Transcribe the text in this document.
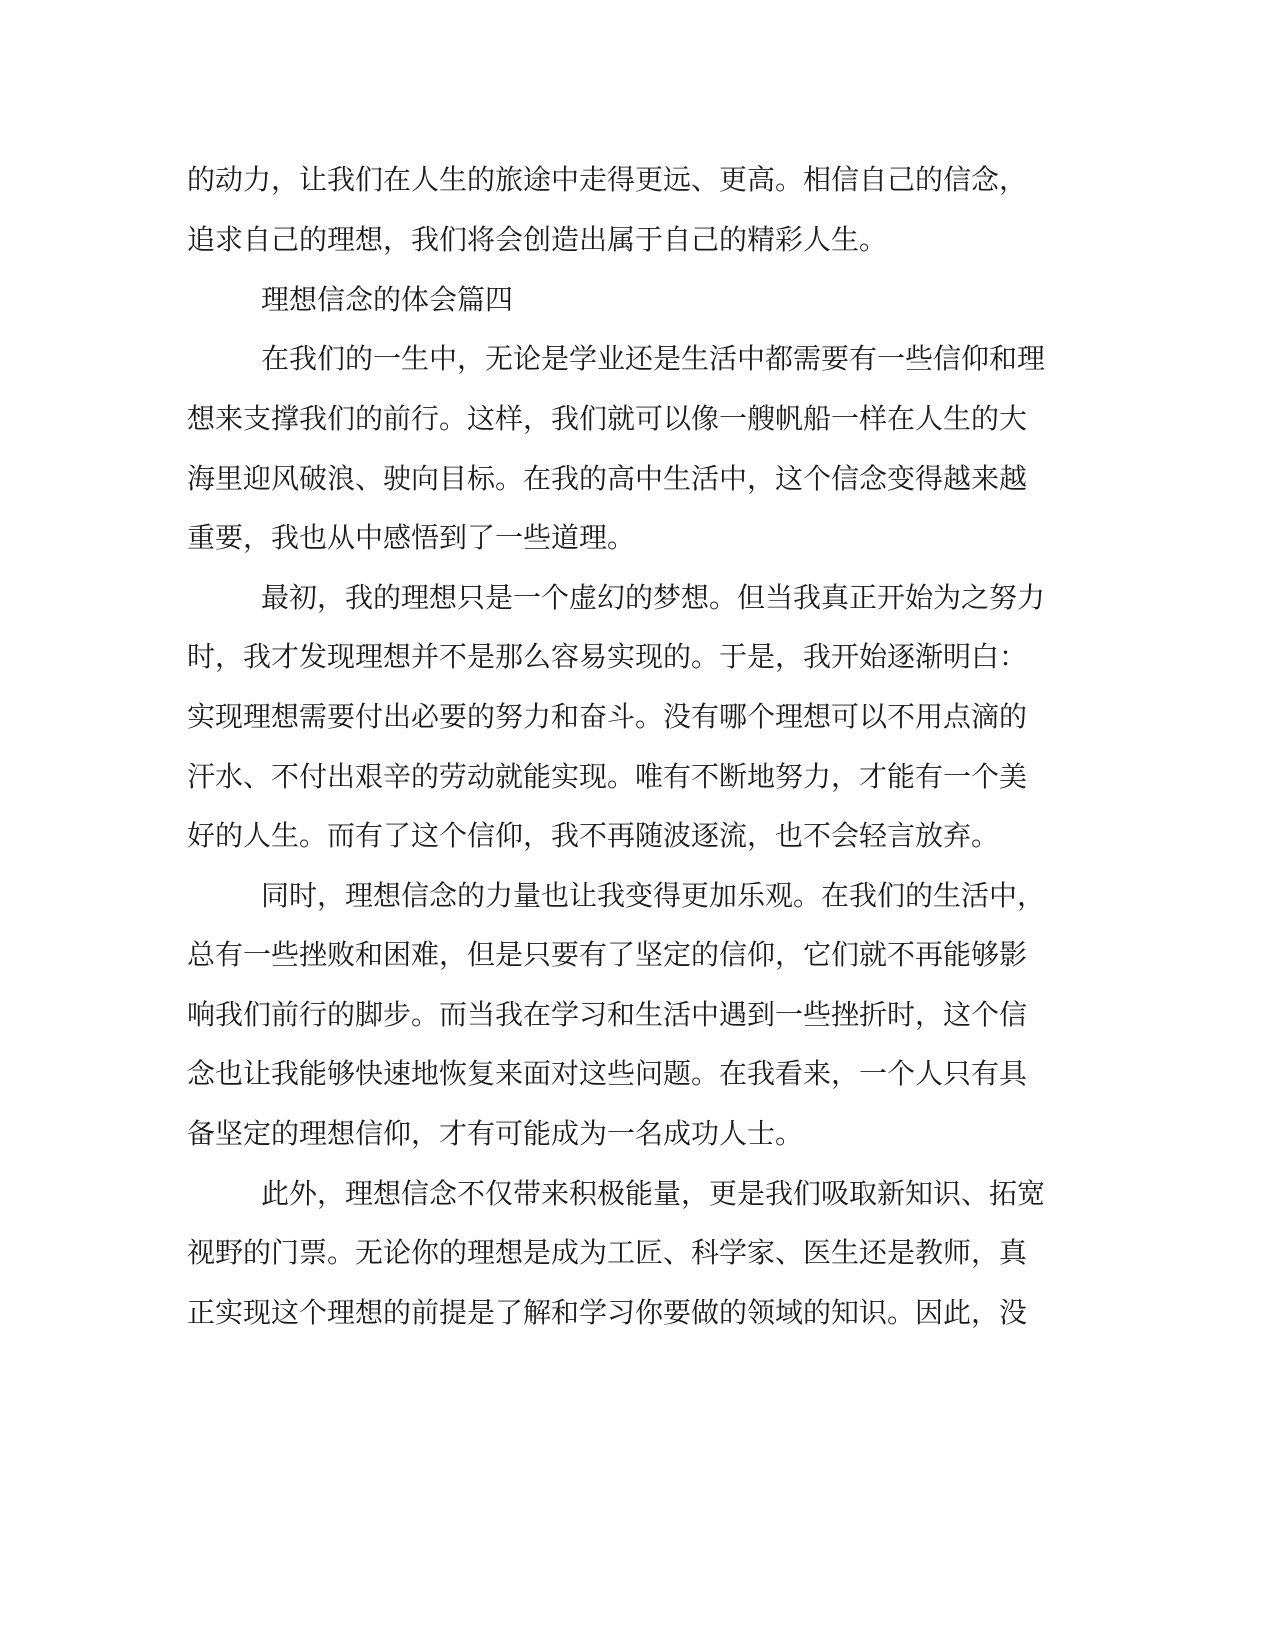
的动力，让我们在人生的旅途中走得更远、更高。相信自己的信念，
追求自己的理想，我们将会创造出属于自己的精彩人生。
理想信念的体会篇四
在我们的一生中，无论是学业还是生活中都需要有一些信仰和理
想来支撑我们的前行。这样，我们就可以像一艘帆船一样在人生的大
海里迎风破浪、驶向目标。在我的高中生活中，这个信念变得越来越
重要，我也从中感悟到了一些道理。
最初，我的理想只是一个虚幻的梦想。但当我真正开始为之努力
时，我才发现理想并不是那么容易实现的。于是，我开始逐渐明白：
实现理想需要付出必要的努力和奋斗。没有哪个理想可以不用点滴的
汗水、不付出艰辛的劳动就能实现。唯有不断地努力，才能有一个美
好的人生。而有了这个信仰，我不再随波逐流，也不会轻言放弃。
同时，理想信念的力量也让我变得更加乐观。在我们的生活中，
总有一些挫败和困难，但是只要有了坚定的信仰，它们就不再能够影
响我们前行的脚步。而当我在学习和生活中遇到一些挫折时，这个信
念也让我能够快速地恢复来面对这些问题。在我看来，一个人只有具
备坚定的理想信仰，才有可能成为一名成功人士。
此外，理想信念不仅带来积极能量，更是我们吸取新知识、拓宽
视野的门票。无论你的理想是成为工匠、科学家、医生还是教师，真
正实现这个理想的前提是了解和学习你要做的领域的知识。因此，没
